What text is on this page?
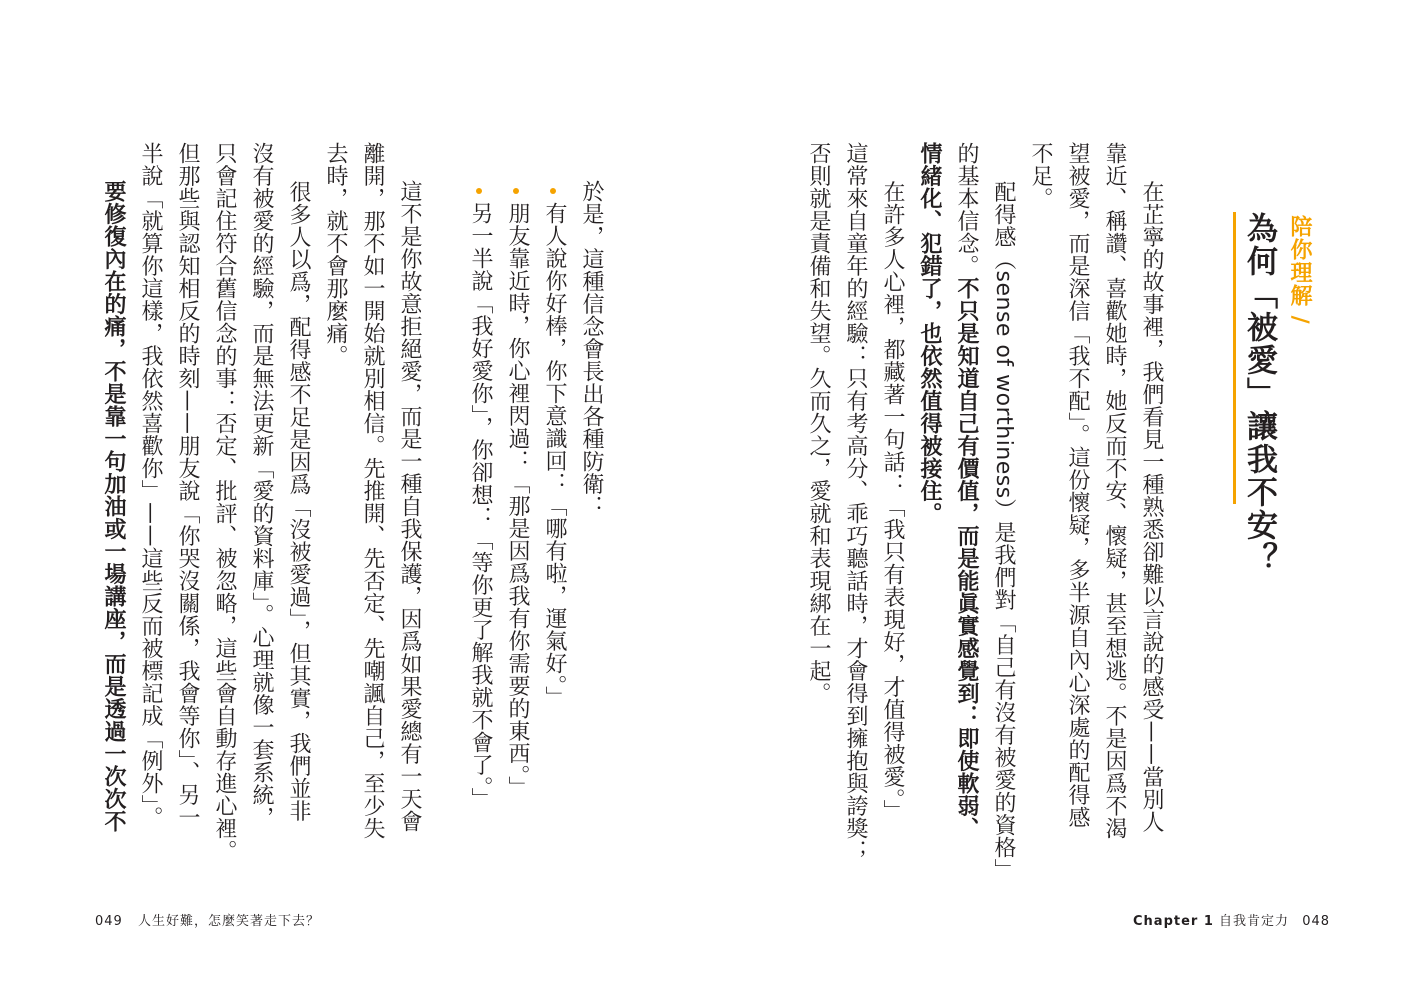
陪你理解 /
為何「被愛」讓我不安？
　在芷寧的故事裡，我們看見一種熟悉卻難以言說的感受——當別人
靠近、稱讚、喜歡她時，她反而不安、懷疑，甚至想逃。不是因爲不渴
望被愛，而是深信「我不配」。這份懷疑，多半源自內心深處的配得感
不足。
　配得感（sense of worthiness）是我們對「自己有沒有被愛的資格」
的基本信念。不只是知道自己有價值，而是能眞實感覺到：即使軟弱、
情緒化、犯錯了，也依然值得被接住。
　在許多人心裡，都藏著一句話：「我只有表現好，才值得被愛。」
這常來自童年的經驗：只有考高分、乖巧聽話時，才會得到擁抱與誇獎；
否則就是責備和失望。久而久之，愛就和表現綁在一起。
Chapter 1 自我肯定力 048
於是，這種信念會長出各種防衛：
有人說你好棒，你下意識回：「哪有啦，運氣好。」
朋友靠近時，你心裡閃過：「那是因爲我有你需要的東西。」
另一半說「我好愛你」，你卻想：「等你更了解我就不會了。」
這不是你故意拒絕愛，而是一種自我保護，因爲如果愛總有一天會
離開，那不如一開始就別相信。先推開、先否定、先嘲諷自己，至少失
去時，就不會那麼痛。
　很多人以爲，配得感不足是因爲「沒被愛過」，但其實，我們並非
沒有被愛的經驗，而是無法更新「愛的資料庫」。心理就像一套系統，
只會記住符合舊信念的事：否定、批評、被忽略，這些會自動存進心裡。
但那些與認知相反的時刻——朋友說「你哭沒關係，我會等你」、另一
半說「就算你這樣，我依然喜歡你」——這些反而被標記成「例外」。
要修復內在的痛，不是靠一句加油或一場講座，而是透過一次次不
049 人生好難，怎麼笑著走下去？
